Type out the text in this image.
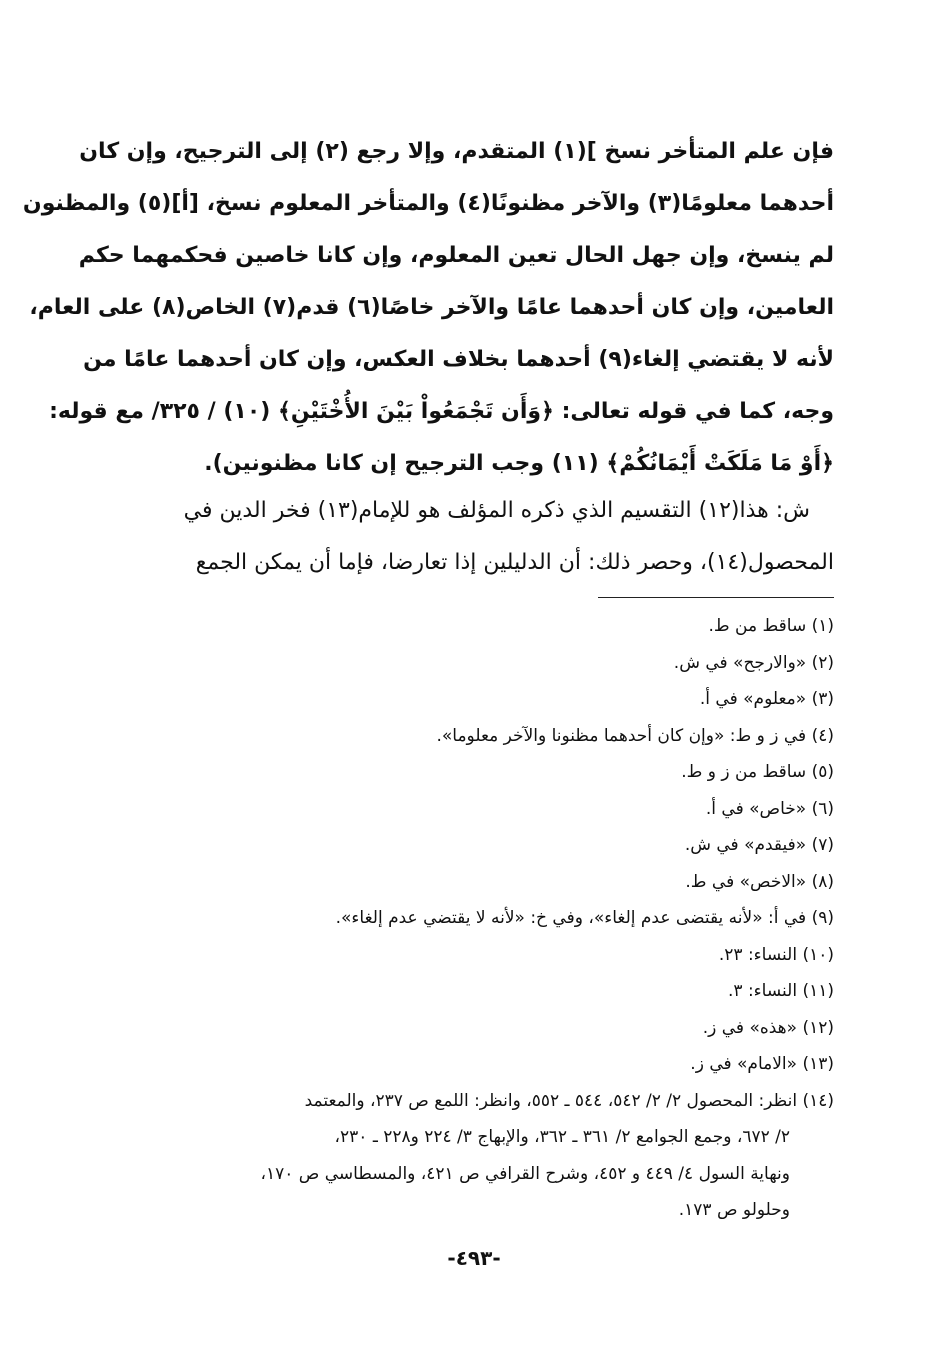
فإن علم المتأخر نسخ ](١) المتقدم، وإلا رجع (٢) إلى الترجيح، وإن كان
أحدهما معلومًا(٣) والآخر مظنونًا(٤) والمتأخر المعلوم نسخ، [أ](٥) والمظنون
لم ينسخ، وإن جهل الحال تعين المعلوم، وإن كانا خاصين فحكمهما حكم
العامين، وإن كان أحدهما عامًا والآخر خاصًا(٦) قدم(٧) الخاص(٨) على العام،
لأنه لا يقتضي إلغاء(٩) أحدهما بخلاف العكس، وإن كان أحدهما عامًا من
وجه، كما في قوله تعالى: ﴿وَأَن تَجْمَعُواْ بَيْنَ الأُخْتَيْنِ﴾ (١٠) / ٣٢٥/ مع قوله:
﴿أَوْ مَا مَلَكَتْ أَيْمَانُكُمْ﴾ (١١) وجب الترجيح إن كانا مظنونين).
ش: هذا(١٢) التقسيم الذي ذكره المؤلف هو للإمام(١٣) فخر الدين في
المحصول(١٤)، وحصر ذلك: أن الدليلين إذا تعارضا، فإما أن يمكن الجمع
(١) ساقط من ط.
(٢) «والارجح» في ش.
(٣) «معلوم» في أ.
(٤) في ز و ط: «وإن كان أحدهما مظنونا والآخر معلوما».
(٥) ساقط من ز و ط.
(٦) «خاص» في أ.
(٧) «فيقدم» في ش.
(٨) «الاخص» في ط.
(٩) في أ: «لأنه يقتضى عدم إلغاء»، وفي خ: «لأنه لا يقتضي عدم إلغاء».
(١٠) النساء: ٢٣.
(١١) النساء: ٣.
(١٢) «هذه» في ز.
(١٣) «الامام» في ز.
(١٤) انظر: المحصول ٢/ ٢/ ٥٤٢، ٥٤٤ ـ ٥٥٢، وانظر: اللمع ص ٢٣٧، والمعتمد
٢/ ٦٧٢، وجمع الجوامع ٢/ ٣٦١ ـ ٣٦٢، والإبهاج ٣/ ٢٢٤ و٢٢٨ ـ ٢٣٠،
ونهاية السول ٤/ ٤٤٩ و ٤٥٢، وشرح القرافي ص ٤٢١، والمسطاسي ص ١٧٠،
وحلولو ص ١٧٣.
-٤٩٣-
